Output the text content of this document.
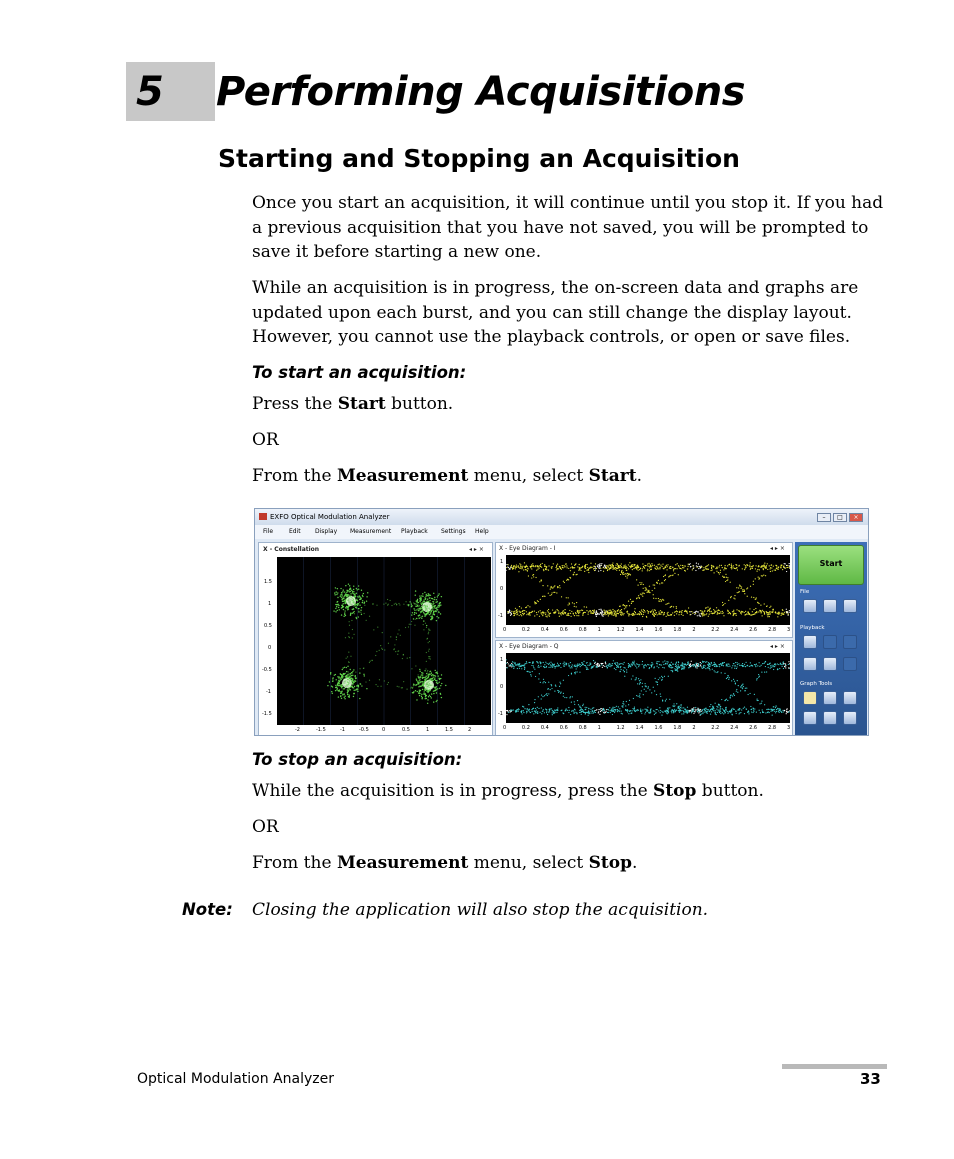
5 Performing Acquisitions
Starting and Stopping an Acquisition
Once you start an acquisition, it will continue until you stop it. If you had a previous acquisition that you have not saved, you will be prompted to save it before starting a new one.
While an acquisition is in progress, the on-screen data and graphs are updated upon each burst, and you can still change the display layout. However, you cannot use the playback controls, or open or save files.
To start an acquisition:
Press the Start button.
OR
From the Measurement menu, select Start.
EXFO Optical Modulation Analyzer	–	□	×
File	Edit Display Measurement Playback Settings Help
X - Constellation	◂ ▸ ×
1.5
1
0.5
0
-0.5
-1
-1.5
-2	-1.5	-1	-0.5	0	0.5	1	1.5	2
X - Eye Diagram - I	◂ ▸ ×
1
0
-1
0	0.2 0.4 0.6 0.8 1	1.2 1.4 1.6 1.8 2	2.2 2.4 2.6 2.8 3
X - Eye Diagram - Q	◂ ▸ ×
1
0
-1
0	0.2 0.4 0.6 0.8 1	1.2 1.4 1.6 1.8 2	2.2 2.4 2.6 2.8 3
Start
File
Playback
Graph Tools
To stop an acquisition:
While the acquisition is in progress, press the Stop button.
OR
From the Measurement menu, select Stop.
Note: Closing the application will also stop the acquisition.
Optical Modulation Analyzer	33
